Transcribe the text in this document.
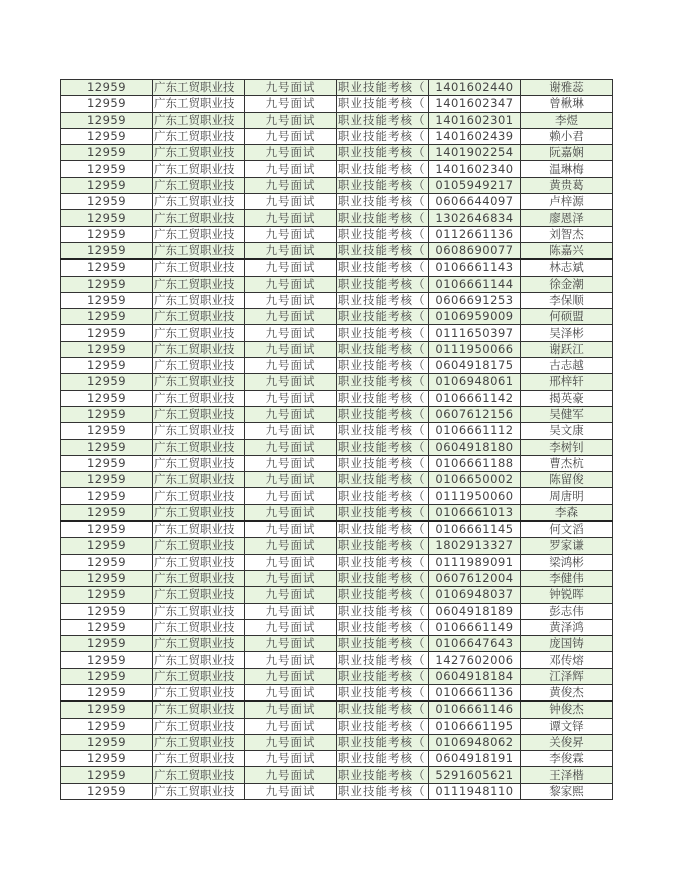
12959	广东工贸职业技	九号面试	职业技能考核（	1401602440	谢雅蕊
12959	广东工贸职业技	九号面试	职业技能考核（	1401602347	曾楸琳
12959	广东工贸职业技	九号面试	职业技能考核（	1401602301	李煜
12959	广东工贸职业技	九号面试	职业技能考核（	1401602439	赖小君
12959	广东工贸职业技	九号面试	职业技能考核（	1401902254	阮嘉娴
12959	广东工贸职业技	九号面试	职业技能考核（	1401602340	温琳梅
12959	广东工贸职业技	九号面试	职业技能考核（	0105949217	黄贵葛
12959	广东工贸职业技	九号面试	职业技能考核（	0606644097	卢梓源
12959	广东工贸职业技	九号面试	职业技能考核（	1302646834	廖恩泽
12959	广东工贸职业技	九号面试	职业技能考核（	0112661136	刘智杰
12959	广东工贸职业技	九号面试	职业技能考核（	0608690077	陈嘉兴
12959	广东工贸职业技	九号面试	职业技能考核（	0106661143	林志斌
12959	广东工贸职业技	九号面试	职业技能考核（	0106661144	徐金潮
12959	广东工贸职业技	九号面试	职业技能考核（	0606691253	李保顺
12959	广东工贸职业技	九号面试	职业技能考核（	0106959009	何硕盟
12959	广东工贸职业技	九号面试	职业技能考核（	0111650397	吴泽彬
12959	广东工贸职业技	九号面试	职业技能考核（	0111950066	谢跃江
12959	广东工贸职业技	九号面试	职业技能考核（	0604918175	古志越
12959	广东工贸职业技	九号面试	职业技能考核（	0106948061	邢梓轩
12959	广东工贸职业技	九号面试	职业技能考核（	0106661142	揭英豪
12959	广东工贸职业技	九号面试	职业技能考核（	0607612156	吴健军
12959	广东工贸职业技	九号面试	职业技能考核（	0106661112	吴文康
12959	广东工贸职业技	九号面试	职业技能考核（	0604918180	李树钊
12959	广东工贸职业技	九号面试	职业技能考核（	0106661188	曹杰杭
12959	广东工贸职业技	九号面试	职业技能考核（	0106650002	陈留俊
12959	广东工贸职业技	九号面试	职业技能考核（	0111950060	周唐明
12959	广东工贸职业技	九号面试	职业技能考核（	0106661013	李森
12959	广东工贸职业技	九号面试	职业技能考核（	0106661145	何文滔
12959	广东工贸职业技	九号面试	职业技能考核（	1802913327	罗家谦
12959	广东工贸职业技	九号面试	职业技能考核（	0111989091	梁鸿彬
12959	广东工贸职业技	九号面试	职业技能考核（	0607612004	李健伟
12959	广东工贸职业技	九号面试	职业技能考核（	0106948037	钟锐晖
12959	广东工贸职业技	九号面试	职业技能考核（	0604918189	彭志伟
12959	广东工贸职业技	九号面试	职业技能考核（	0106661149	黄泽鸿
12959	广东工贸职业技	九号面试	职业技能考核（	0106647643	庞国铸
12959	广东工贸职业技	九号面试	职业技能考核（	1427602006	邓传熔
12959	广东工贸职业技	九号面试	职业技能考核（	0604918184	江泽辉
12959	广东工贸职业技	九号面试	职业技能考核（	0106661136	黄俊杰
12959	广东工贸职业技	九号面试	职业技能考核（	0106661146	钟俊杰
12959	广东工贸职业技	九号面试	职业技能考核（	0106661195	谭文铎
12959	广东工贸职业技	九号面试	职业技能考核（	0106948062	关俊昇
12959	广东工贸职业技	九号面试	职业技能考核（	0604918191	李俊霖
12959	广东工贸职业技	九号面试	职业技能考核（	5291605621	王泽楷
12959	广东工贸职业技	九号面试	职业技能考核（	0111948110	黎家熙
